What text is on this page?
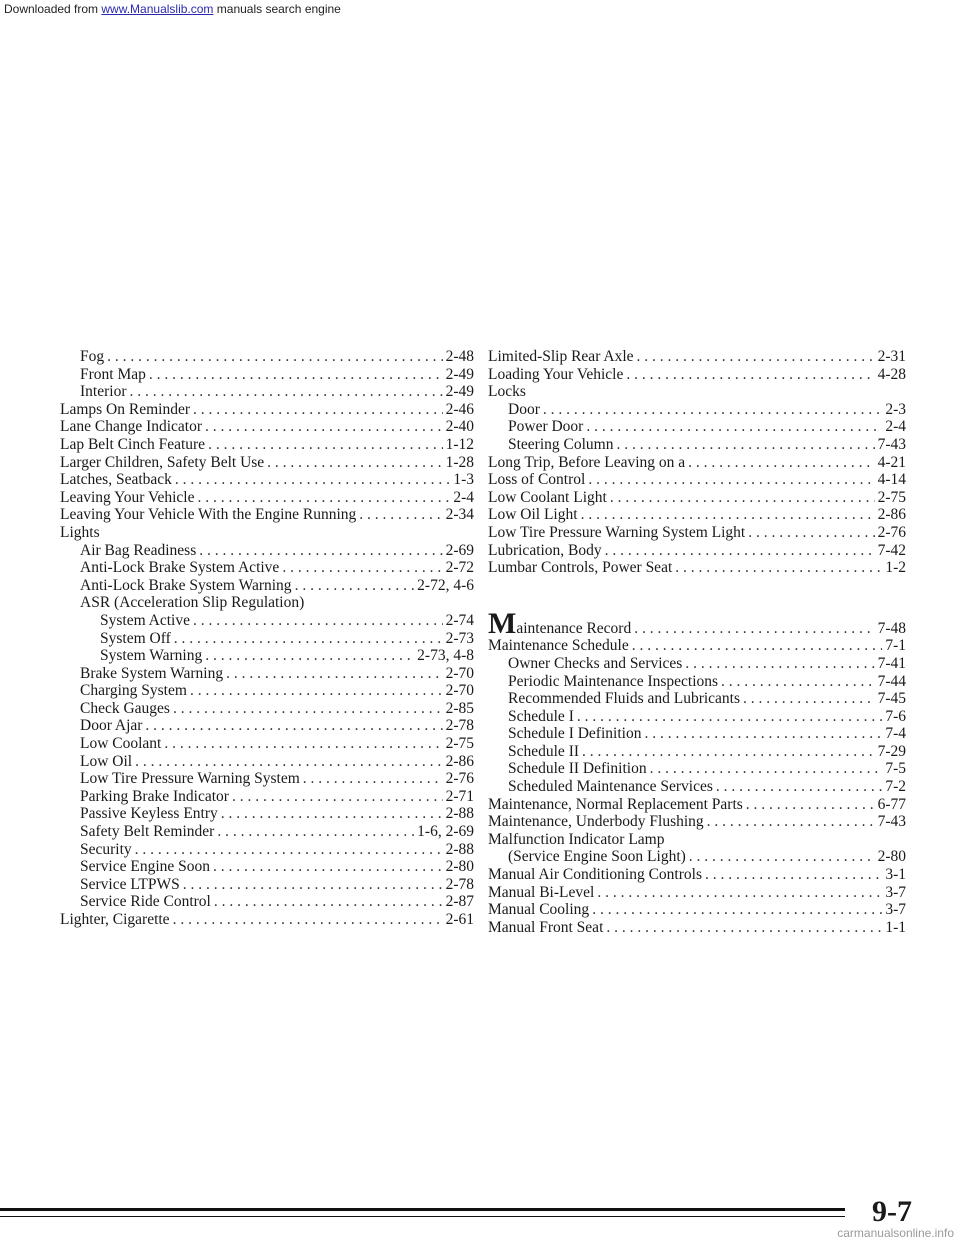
Downloaded from www.Manualslib.com manuals search engine
Fog . . .	2-48
Front Map . . .	2-49
Interior . . .	2-49
Lamps On Reminder . . .	2-46
Lane Change Indicator . . .	2-40
Lap Belt Cinch Feature . . .	1-12
Larger Children, Safety Belt Use . . .	1-28
Latches, Seatback . . .	1-3
Leaving Your Vehicle . . .	2-4
Leaving Your Vehicle With the Engine Running . . .	2-34
Lights
Air Bag Readiness . . .	2-69
Anti-Lock Brake System Active . . .	2-72
Anti-Lock Brake System Warning . . .	2-72, 4-6
ASR (Acceleration Slip Regulation)
System Active . . .	2-74
System Off . . .	2-73
System Warning . . .	2-73, 4-8
Brake System Warning . . .	2-70
Charging System . . .	2-70
Check Gauges . . .	2-85
Door Ajar . . .	2-78
Low Coolant . . .	2-75
Low Oil . . .	2-86
Low Tire Pressure Warning System . . .	2-76
Parking Brake Indicator . . .	2-71
Passive Keyless Entry . . .	2-88
Safety Belt Reminder . . .	1-6, 2-69
Security . . .	2-88
Service Engine Soon . . .	2-80
Service LTPWS . . .	2-78
Service Ride Control . . .	2-87
Lighter, Cigarette . . .	2-61
Limited-Slip Rear Axle . . .	2-31
Loading Your Vehicle . . .	4-28
Locks
Door . . .	2-3
Power Door . . .	2-4
Steering Column . . .	7-43
Long Trip, Before Leaving on a . . .	4-21
Loss of Control . . .	4-14
Low Coolant Light . . .	2-75
Low Oil Light . . .	2-86
Low Tire Pressure Warning System Light . . .	2-76
Lubrication, Body . . .	7-42
Lumbar Controls, Power Seat . . .	1-2
Maintenance Record . . .	7-48
Maintenance Schedule . . .	7-1
Owner Checks and Services . . .	7-41
Periodic Maintenance Inspections . . .	7-44
Recommended Fluids and Lubricants . . .	7-45
Schedule I . . .	7-6
Schedule I Definition . . .	7-4
Schedule II . . .	7-29
Schedule II Definition . . .	7-5
Scheduled Maintenance Services . . .	7-2
Maintenance, Normal Replacement Parts . . .	6-77
Maintenance, Underbody Flushing . . .	7-43
Malfunction Indicator Lamp
(Service Engine Soon Light) . . .	2-80
Manual Air Conditioning Controls . . .	3-1
Manual Bi-Level . . .	3-7
Manual Cooling . . .	3-7
Manual Front Seat . . .	1-1
9-7
carmanualsonline.info
